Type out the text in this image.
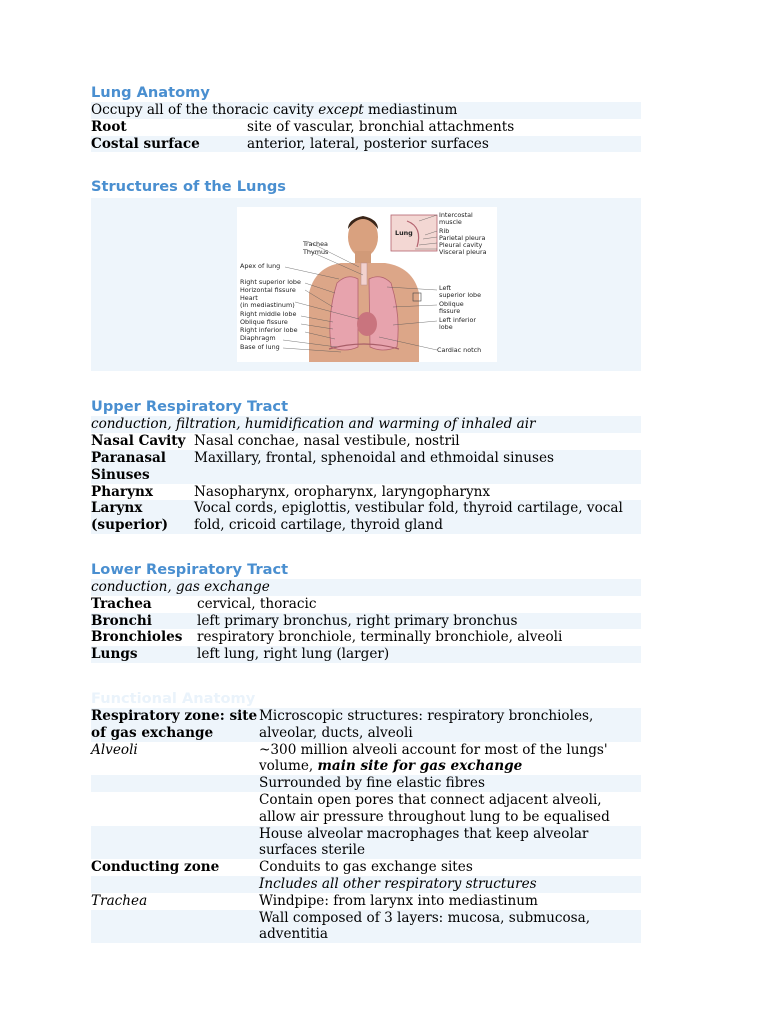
Lung Anatomy
Occupy all of the thoracic cavity except mediastinum	
Root	site of vascular, bronchial attachments
Costal surface	anterior, lateral, posterior surfaces
Structures of the Lungs
Trachea
Thymus
Apex of lung
Right superior lobe
Horizontal fissure
Heart
(in mediastinum)
Right middle lobe
Oblique fissure
Right inferior lobe
Diaphragm
Base of lung
Lung
Intercostal
muscle
Rib
Parietal pleura
Pleural cavity
Visceral pleura
Left
superior lobe
Oblique
fissure
Left inferior
lobe
Cardiac notch
Upper Respiratory Tract
conduction, filtration, humidification and warming of inhaled air	
Nasal Cavity	Nasal conchae, nasal vestibule, nostril
Paranasal Sinuses	Maxillary, frontal, sphenoidal and ethmoidal sinuses
Pharynx	Nasopharynx, oropharynx, laryngopharynx
Larynx (superior)	Vocal cords, epiglottis, vestibular fold, thyroid cartilage, vocal fold, cricoid cartilage, thyroid gland
Lower Respiratory Tract
conduction, gas exchange	
Trachea	cervical, thoracic
Bronchi	left primary bronchus, right primary bronchus
Bronchioles	respiratory bronchiole, terminally bronchiole, alveoli
Lungs	left lung, right lung (larger)
Functional Anatomy
Respiratory zone: site of gas exchange	Microscopic structures: respiratory bronchioles, alveolar, ducts, alveoli
Alveoli	~300 million alveoli account for most of the lungs' volume, main site for gas exchange
	Surrounded by fine elastic fibres
	Contain open pores that connect adjacent alveoli, allow air pressure throughout lung to be equalised
	House alveolar macrophages that keep alveolar surfaces sterile
Conducting zone	Conduits to gas exchange sites
	Includes all other respiratory structures
Trachea	Windpipe: from larynx into mediastinum
	Wall composed of 3 layers: mucosa, submucosa, adventitia
